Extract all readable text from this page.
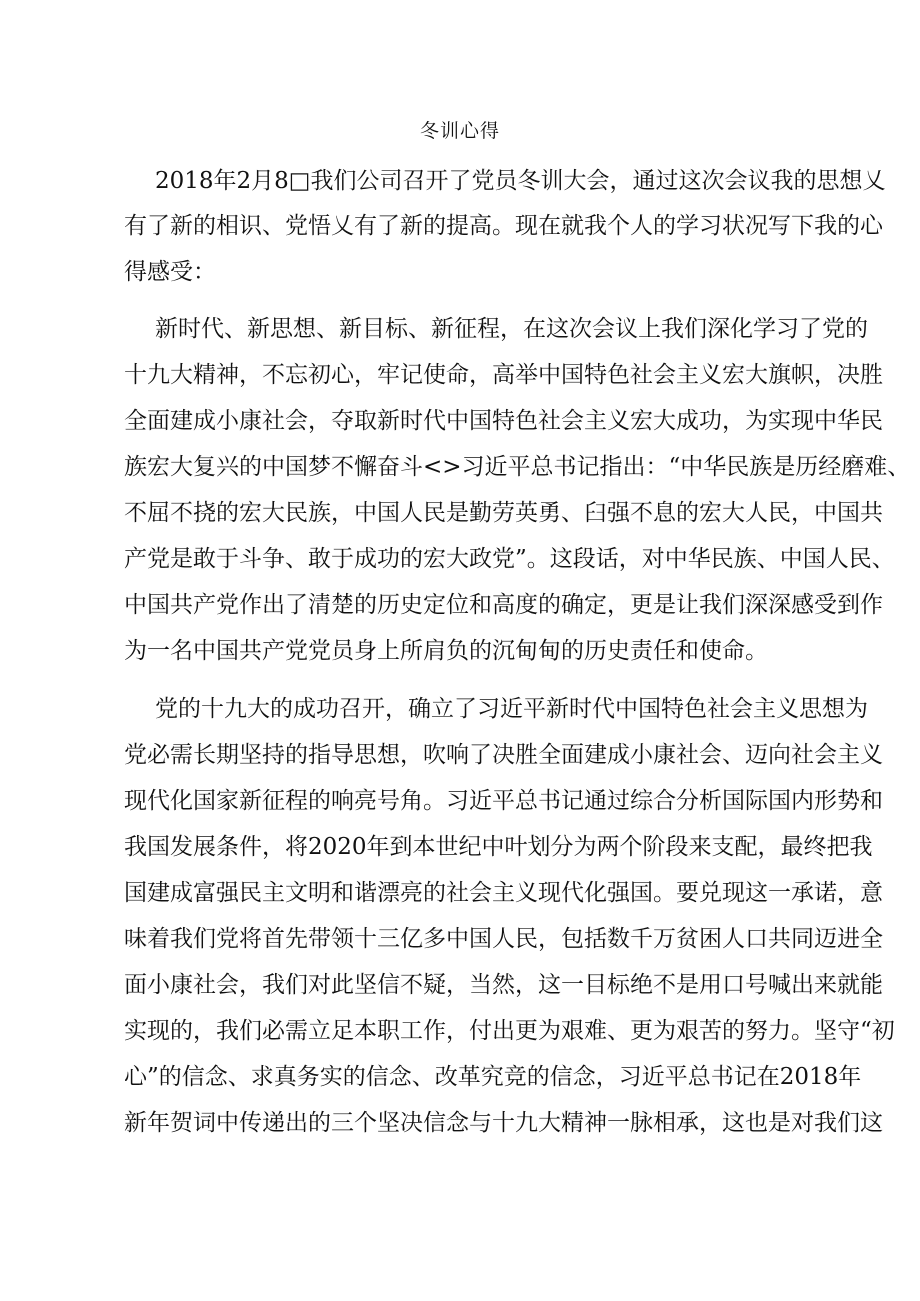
冬训心得
2018年2月8□我们公司召开了党员冬训大会，通过这次会议我的思想乂
有了新的相识、党悟乂有了新的提高。现在就我个人的学习状况写下我的心
得感受：
新时代、新思想、新目标、新征程，在这次会议上我们深化学习了党的
十九大精神，不忘初心，牢记使命，高举中国特色社会主义宏大旗帜，决胜
全面建成小康社会，夺取新时代中国特色社会主义宏大成功，为实现中华民
族宏大复兴的中国梦不懈奋斗<>习近平总书记指出：“中华民族是历经磨难、
不屈不挠的宏大民族，中国人民是勤劳英勇、臼强不息的宏大人民，中国共
产党是敢于斗争、敢于成功的宏大政党”。这段话，对中华民族、中国人民、
中国共产党作出了清楚的历史定位和高度的确定，更是让我们深深感受到作
为一名中国共产党党员身上所肩负的沉甸甸的历史责任和使命。
党的十九大的成功召开，确立了习近平新时代中国特色社会主义思想为
党必需长期坚持的指导思想，吹响了决胜全面建成小康社会、迈向社会主义
现代化国家新征程的响亮号角。习近平总书记通过综合分析国际国内形势和
我国发展条件，将2020年到本世纪中叶划分为两个阶段来支配，最终把我
国建成富强民主文明和谐漂亮的社会主义现代化强国。要兑现这一承诺，意
味着我们党将首先带领十三亿多中国人民，包括数千万贫困人口共同迈进全
面小康社会，我们对此坚信不疑，当然，这一目标绝不是用口号喊出来就能
实现的，我们必需立足本职工作，付出更为艰难、更为艰苦的努力。坚守“初
心”的信念、求真务实的信念、改革究竞的信念，习近平总书记在2018年
新年贺词中传递出的三个坚决信念与十九大精神一脉相承，这也是对我们这
